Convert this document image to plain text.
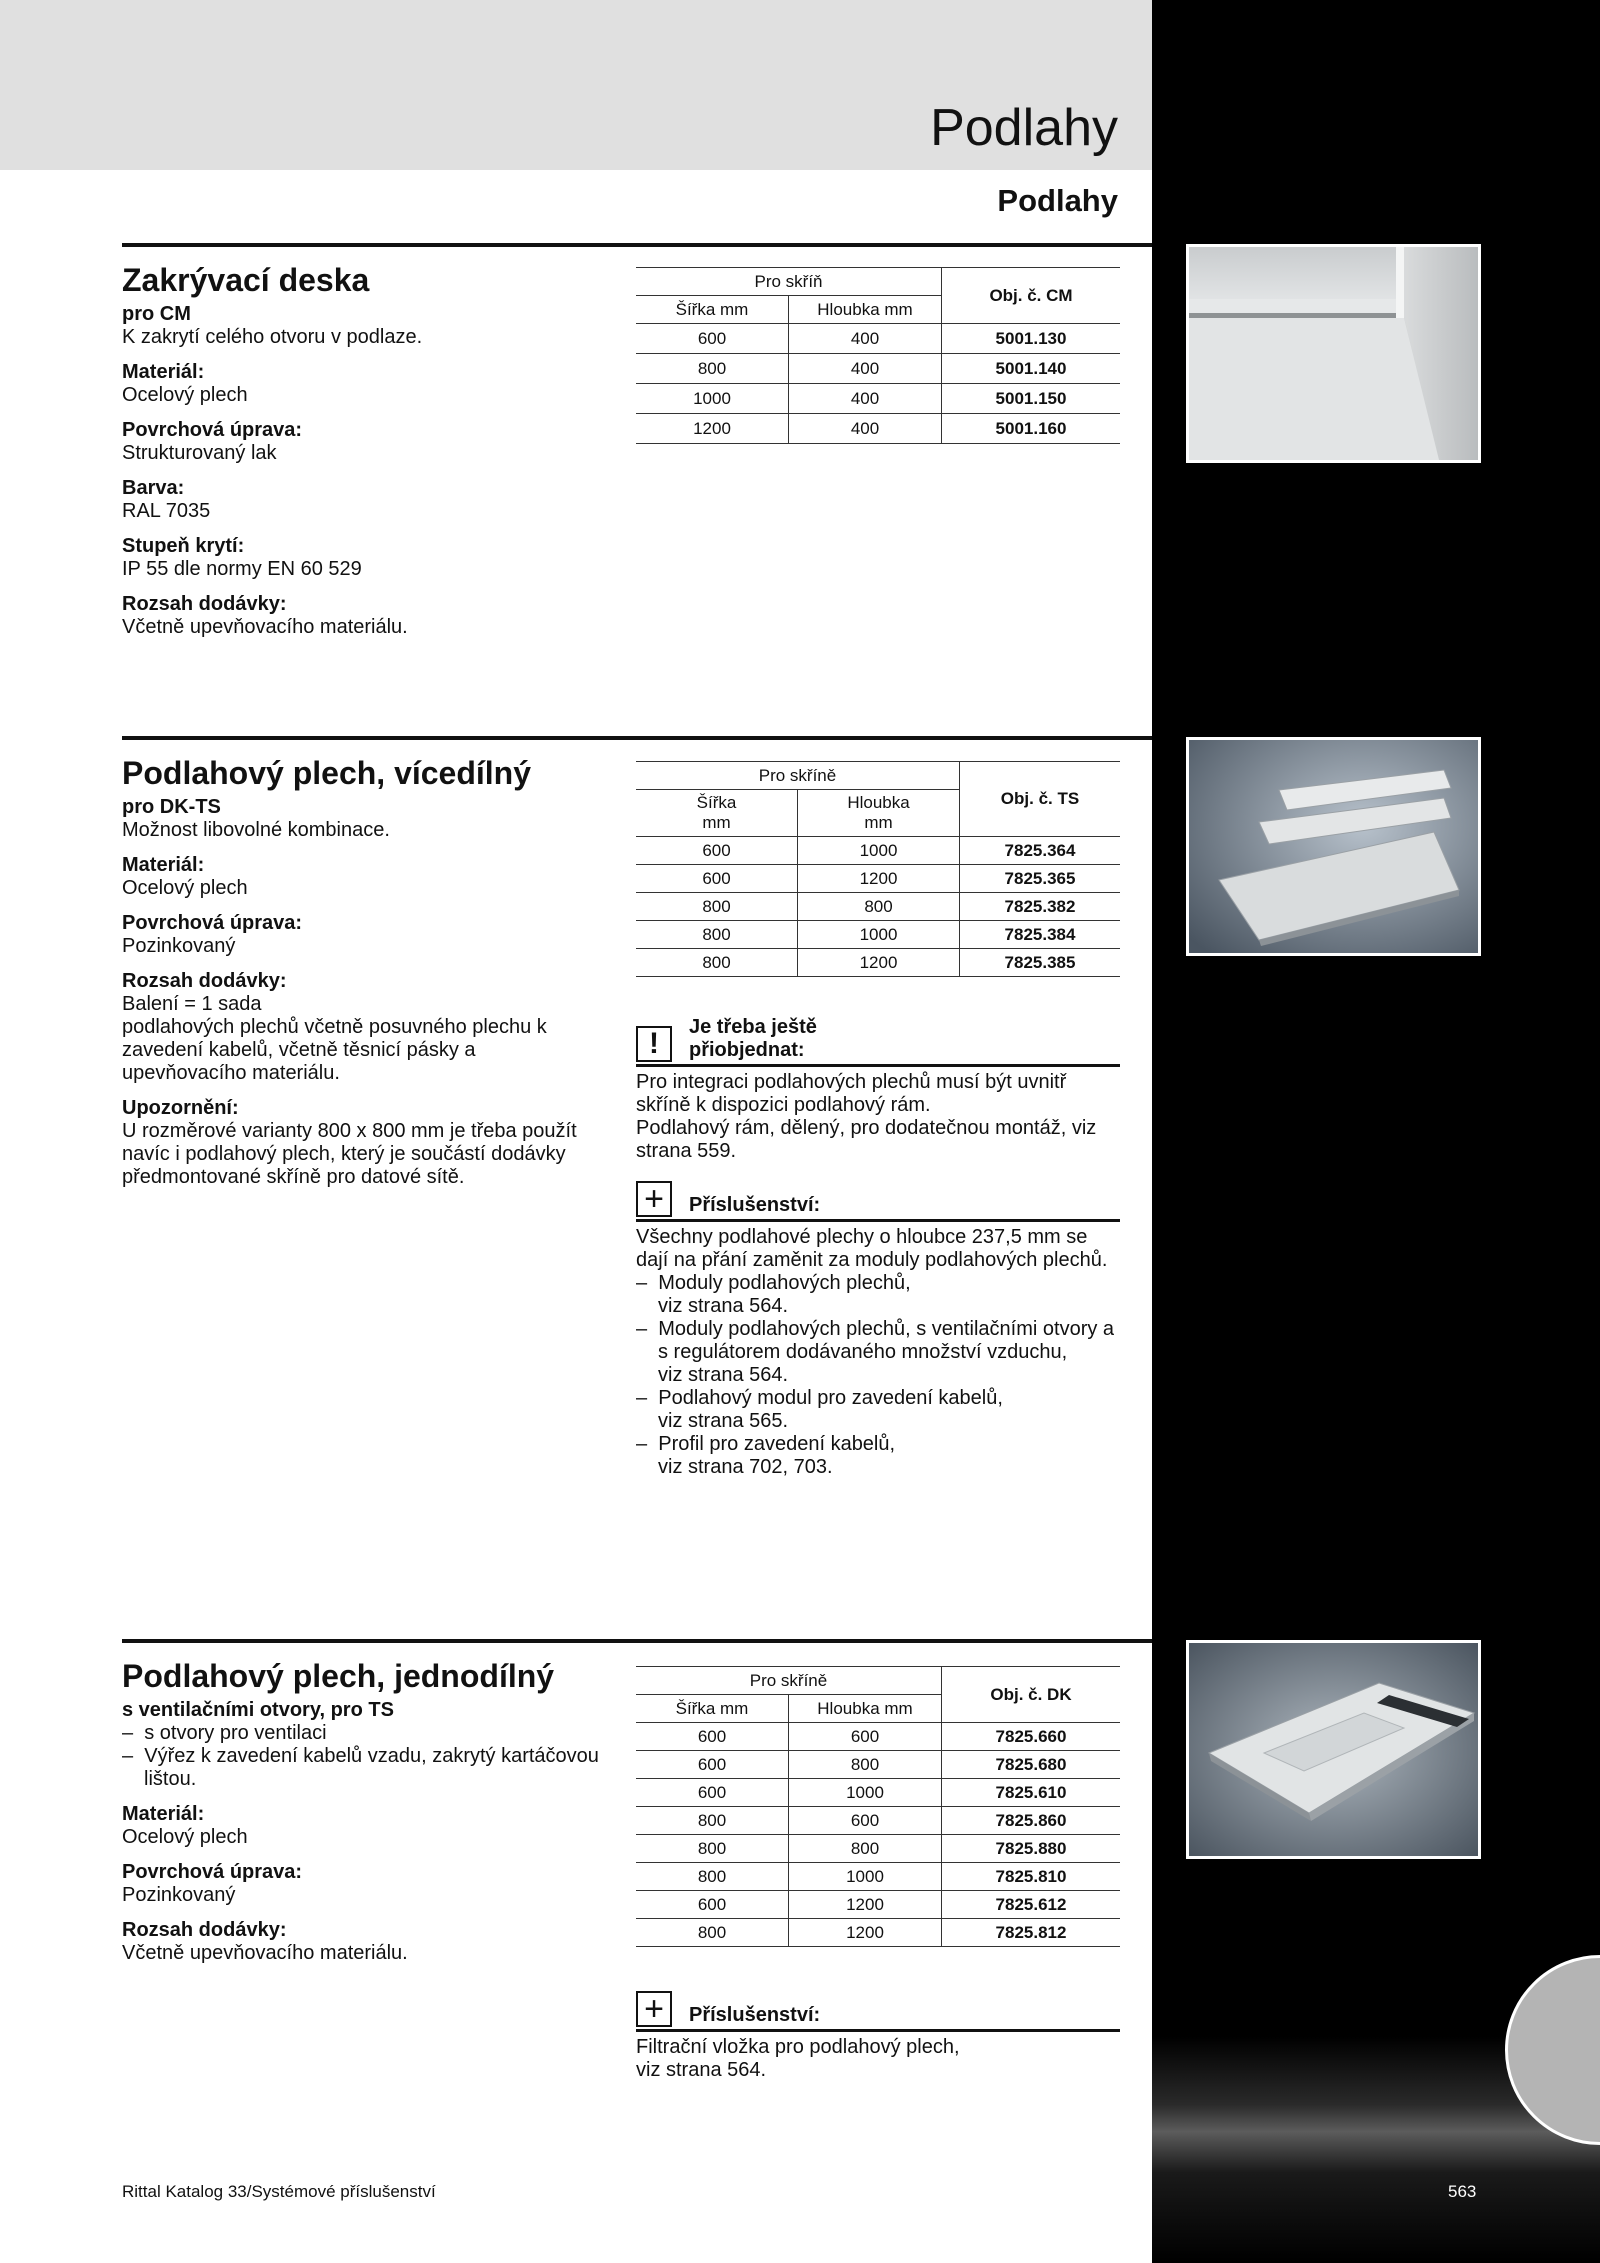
Podlahy
Podlahy
Zakrývací deska
pro CM
K zakrytí celého otvoru v podlaze.
Materiál:
Ocelový plech
Povrchová úprava:
Strukturovaný lak
Barva:
RAL 7035
Stupeň krytí:
IP 55 dle normy EN 60 529
Rozsah dodávky:
Včetně upevňovacího materiálu.
Pro skříň		Obj. č. CM
Šířka mm	Hloubka mm	
600	400	5001.130
800	400	5001.140
1000	400	5001.150
1200	400	5001.160
Podlahový plech, vícedílný
pro DK-TS
Možnost libovolné kombinace.
Materiál:
Ocelový plech
Povrchová úprava:
Pozinkovaný
Rozsah dodávky:
Balení = 1 sada
podlahových plechů včetně posuvného plechu k zavedení kabelů, včetně těsnicí pásky a upevňovacího materiálu.
Upozornění:
U rozměrové varianty 800 x 800 mm je třeba použít navíc i podlahový plech, který je součástí dodávky předmontované skříně pro datové sítě.
Pro skříně		Obj. č. TS
Šířka
mm	Hloubka
mm	
600	1000	7825.364
600	1200	7825.365
800	800	7825.382
800	1000	7825.384
800	1200	7825.385
!	Je třeba ještě
přiobjednat:
Pro integraci podlahových plechů musí být uvnitř skříně k dispozici podlahový rám.
Podlahový rám, dělený, pro dodatečnou montáž, viz strana 559.
+	Příslušenství:
Všechny podlahové plechy o hloubce 237,5 mm se dají na přání zaměnit za moduly podlahových plechů.
–  Moduly podlahových plechů,
viz strana 564.
–  Moduly podlahových plechů, s ventilačními otvory a s regulátorem dodávaného množství vzduchu,
viz strana 564.
–  Podlahový modul pro zavedení kabelů,
viz strana 565.
–  Profil pro zavedení kabelů,
viz strana 702, 703.
Podlahový plech, jednodílný
s ventilačními otvory, pro TS
–  s otvory pro ventilaci
–  Výřez k zavedení kabelů vzadu, zakrytý kartáčovou lištou.
Materiál:
Ocelový plech
Povrchová úprava:
Pozinkovaný
Rozsah dodávky:
Včetně upevňovacího materiálu.
Pro skříně		Obj. č. DK
Šířka mm	Hloubka mm	
600	600	7825.660
600	800	7825.680
600	1000	7825.610
800	600	7825.860
800	800	7825.880
800	1000	7825.810
600	1200	7825.612
800	1200	7825.812
+	Příslušenství:
Filtrační vložka pro podlahový plech,
viz strana 564.
Rittal Katalog 33/Systémové příslušenství	563
